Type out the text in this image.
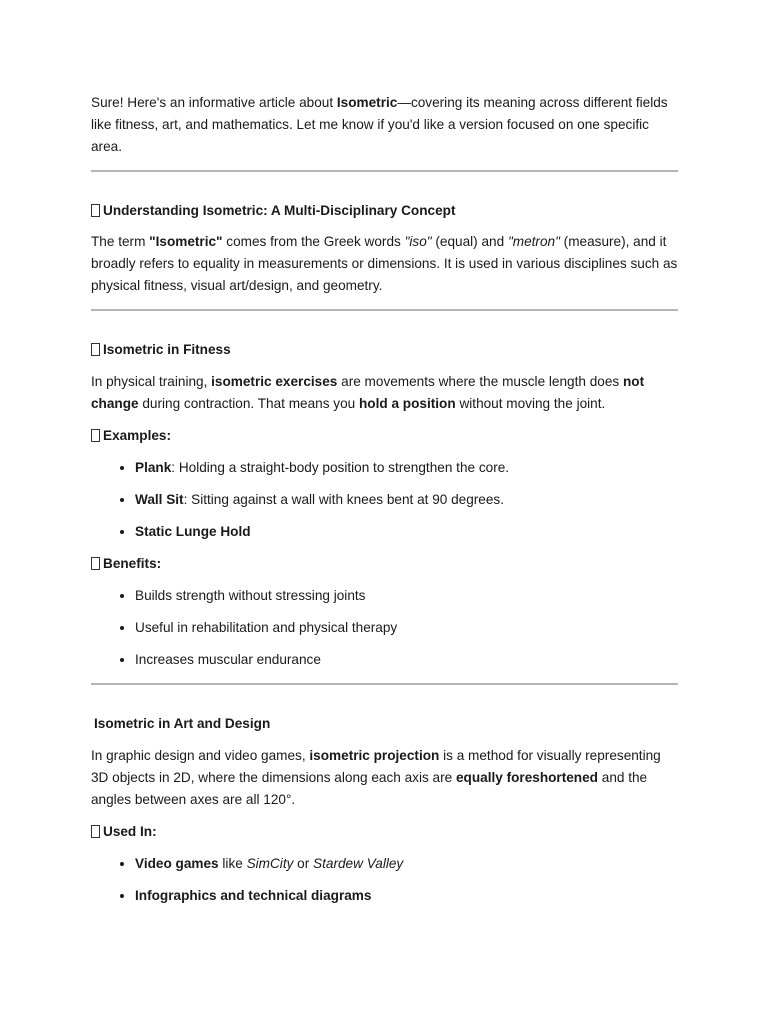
Sure! Here's an informative article about Isometric—covering its meaning across different fields like fitness, art, and mathematics. Let me know if you'd like a version focused on one specific area.

Understanding Isometric: A Multi-Disciplinary Concept

The term "Isometric" comes from the Greek words "iso" (equal) and "metron" (measure), and it broadly refers to equality in measurements or dimensions. It is used in various disciplines such as physical fitness, visual art/design, and geometry.

Isometric in Fitness

In physical training, isometric exercises are movements where the muscle length does not change during contraction. That means you hold a position without moving the joint.

Examples:

• Plank: Holding a straight-body position to strengthen the core.
• Wall Sit: Sitting against a wall with knees bent at 90 degrees.
• Static Lunge Hold

Benefits:

• Builds strength without stressing joints
• Useful in rehabilitation and physical therapy
• Increases muscular endurance

Isometric in Art and Design

In graphic design and video games, isometric projection is a method for visually representing 3D objects in 2D, where the dimensions along each axis are equally foreshortened and the angles between axes are all 120°.

Used In:

• Video games like SimCity or Stardew Valley
• Infographics and technical diagrams
